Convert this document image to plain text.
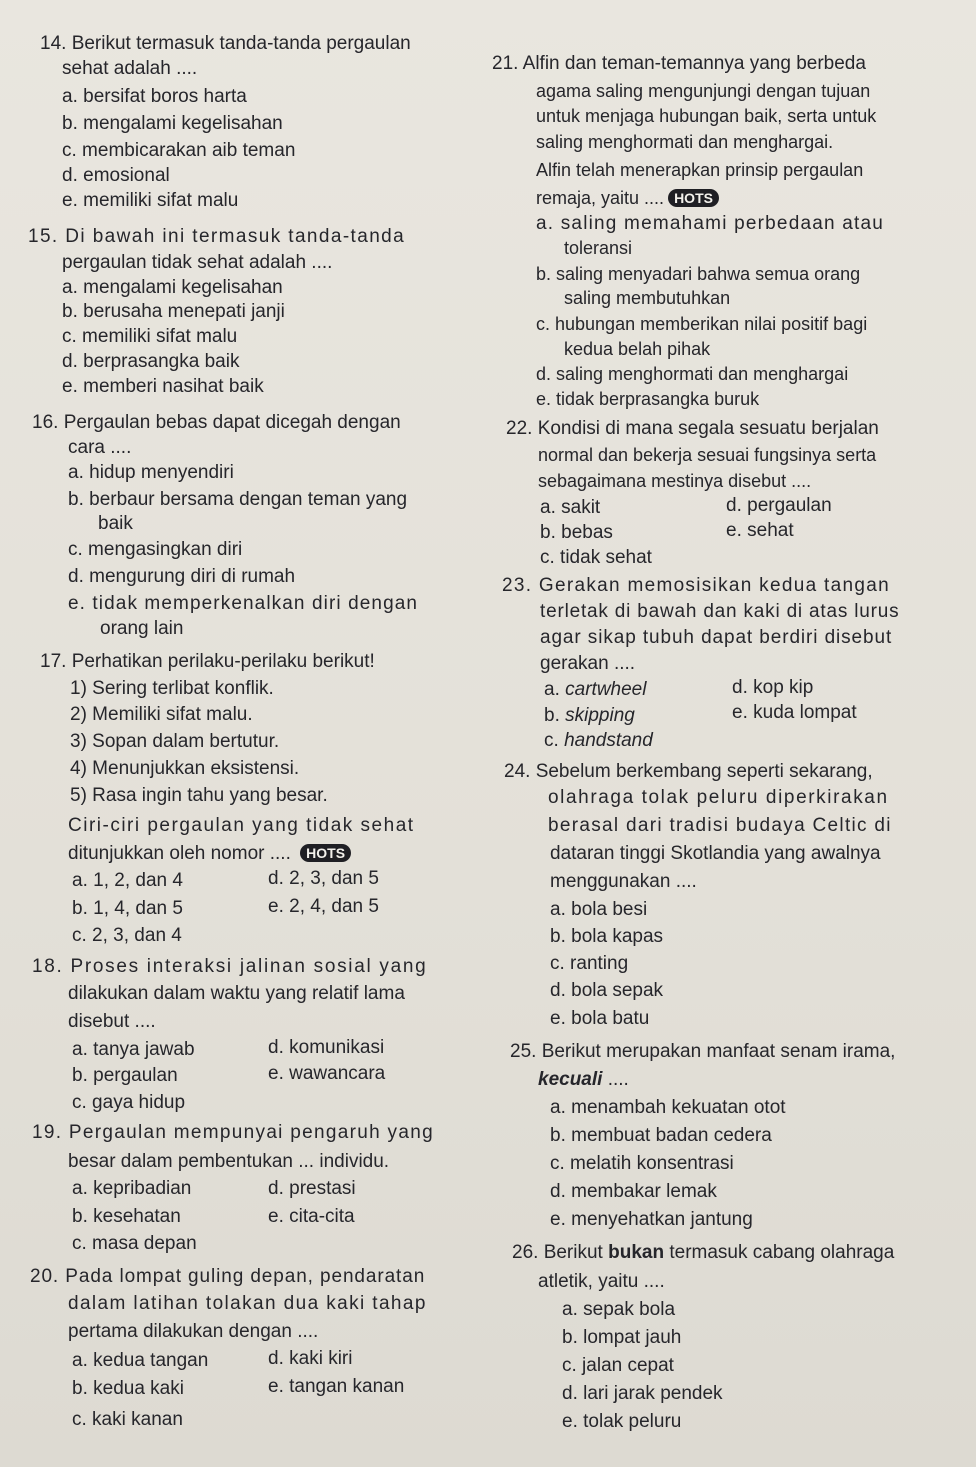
14. Berikut termasuk tanda-tanda pergaulan
sehat adalah ....
a. bersifat boros harta
b. mengalami kegelisahan
c. membicarakan aib teman
d. emosional
e. memiliki sifat malu
15. Di bawah ini termasuk tanda-tanda
pergaulan tidak sehat adalah ....
a. mengalami kegelisahan
b. berusaha menepati janji
c. memiliki sifat malu
d. berprasangka baik
e. memberi nasihat baik
16. Pergaulan bebas dapat dicegah dengan
cara ....
a. hidup menyendiri
b. berbaur bersama dengan teman yang
baik
c. mengasingkan diri
d. mengurung diri di rumah
e. tidak memperkenalkan diri dengan
orang lain
17. Perhatikan perilaku-perilaku berikut!
1) Sering terlibat konflik.
2) Memiliki sifat malu.
3) Sopan dalam bertutur.
4) Menunjukkan eksistensi.
5) Rasa ingin tahu yang besar.
Ciri-ciri pergaulan yang tidak sehat
ditunjukkan oleh nomor .... HOTS
a. 1, 2, dan 4	d. 2, 3, dan 5
b. 1, 4, dan 5	e. 2, 4, dan 5
c. 2, 3, dan 4
18. Proses interaksi jalinan sosial yang
dilakukan dalam waktu yang relatif lama
disebut ....
a. tanya jawab	d. komunikasi
b. pergaulan	e. wawancara
c. gaya hidup
19. Pergaulan mempunyai pengaruh yang
besar dalam pembentukan ... individu.
a. kepribadian	d. prestasi
b. kesehatan	e. cita-cita
c. masa depan
20. Pada lompat guling depan, pendaratan
dalam latihan tolakan dua kaki tahap
pertama dilakukan dengan ....
a. kedua tangan	d. kaki kiri
b. kedua kaki	e. tangan kanan
c. kaki kanan
21. Alfin dan teman-temannya yang berbeda
agama saling mengunjungi dengan tujuan
untuk menjaga hubungan baik, serta untuk
saling menghormati dan menghargai.
Alfin telah menerapkan prinsip pergaulan
remaja, yaitu .... HOTS
a. saling memahami perbedaan atau
toleransi
b. saling menyadari bahwa semua orang
saling membutuhkan
c. hubungan memberikan nilai positif bagi
kedua belah pihak
d. saling menghormati dan menghargai
e. tidak berprasangka buruk
22. Kondisi di mana segala sesuatu berjalan
normal dan bekerja sesuai fungsinya serta
sebagaimana mestinya disebut ....
a. sakit	d. pergaulan
b. bebas	e. sehat
c. tidak sehat
23. Gerakan memosisikan kedua tangan
terletak di bawah dan kaki di atas lurus
agar sikap tubuh dapat berdiri disebut
gerakan ....
a. cartwheel	d. kop kip
b. skipping	e. kuda lompat
c. handstand
24. Sebelum berkembang seperti sekarang,
olahraga tolak peluru diperkirakan
berasal dari tradisi budaya Celtic di
dataran tinggi Skotlandia yang awalnya
menggunakan ....
a. bola besi
b. bola kapas
c. ranting
d. bola sepak
e. bola batu
25. Berikut merupakan manfaat senam irama,
kecuali ....
a. menambah kekuatan otot
b. membuat badan cedera
c. melatih konsentrasi
d. membakar lemak
e. menyehatkan jantung
26. Berikut bukan termasuk cabang olahraga
atletik, yaitu ....
a. sepak bola
b. lompat jauh
c. jalan cepat
d. lari jarak pendek
e. tolak peluru
